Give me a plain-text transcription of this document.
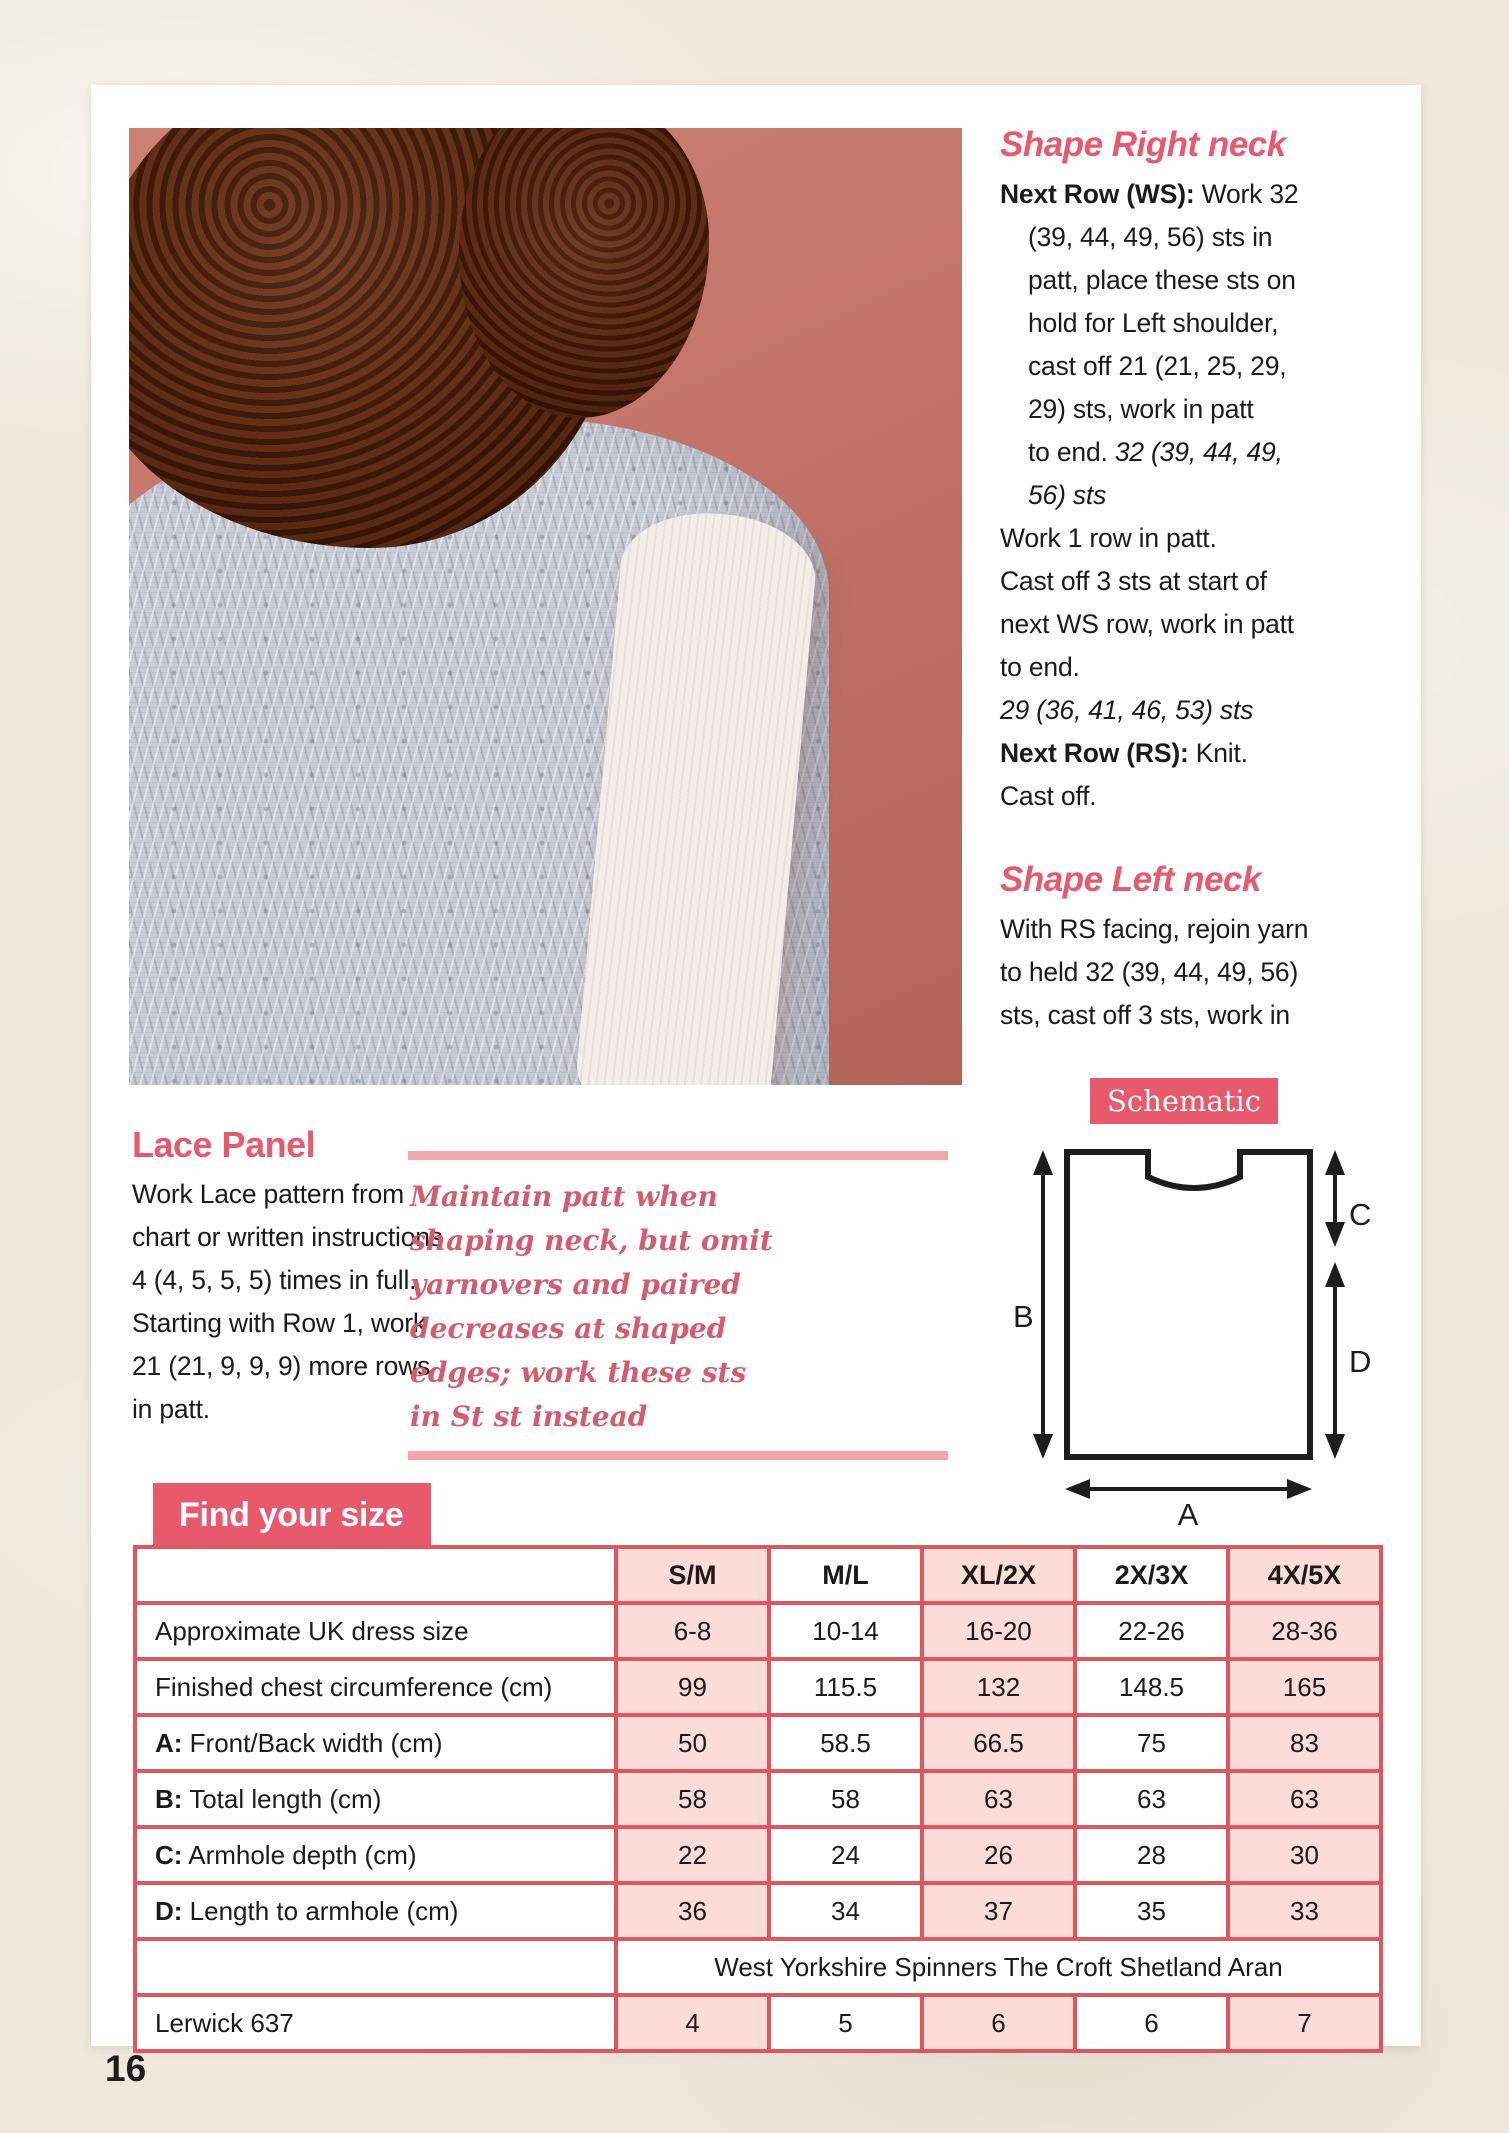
Shape Right neck

Next Row (WS): Work 32

(39, 44, 49, 56) sts in

patt, place these sts on

hold for Left shoulder,

cast off 21 (21, 25, 29,

29) sts, work in patt

to end. 32 (39, 44, 49,

56) sts

Work 1 row in patt.

Cast off 3 sts at start of

next WS row, work in patt

to end.

29 (36, 41, 46, 53) sts

Next Row (RS): Knit.

Cast off.

Shape Left neck

With RS facing, rejoin yarn

to held 32 (39, 44, 49, 56)

sts, cast off 3 sts, work in

Lace Panel

Work Lace pattern from

chart or written instructions

4 (4, 5, 5, 5) times in full.

Starting with Row 1, work

21 (21, 9, 9, 9) more rows

in patt.

Maintain patt when

shaping neck, but omit

yarnovers and paired

decreases at shaped

edges; work these sts

in St st instead

Schematic
B
C
D
A
Find your size
	S/M	M/L	XL/2X	2X/3X	4X/5X
Approximate UK dress size	6-8	10-14	16-20	22-26	28-36
Finished chest circumference (cm)	99	115.5	132	148.5	165
A: Front/Back width (cm)	50	58.5	66.5	75	83
B: Total length (cm)	58	58	63	63	63
C: Armhole depth (cm)	22	24	26	28	30
D: Length to armhole (cm)	36	34	37	35	33
	West Yorkshire Spinners The Croft Shetland Aran				
Lerwick 637	4	5	6	6	7
16
